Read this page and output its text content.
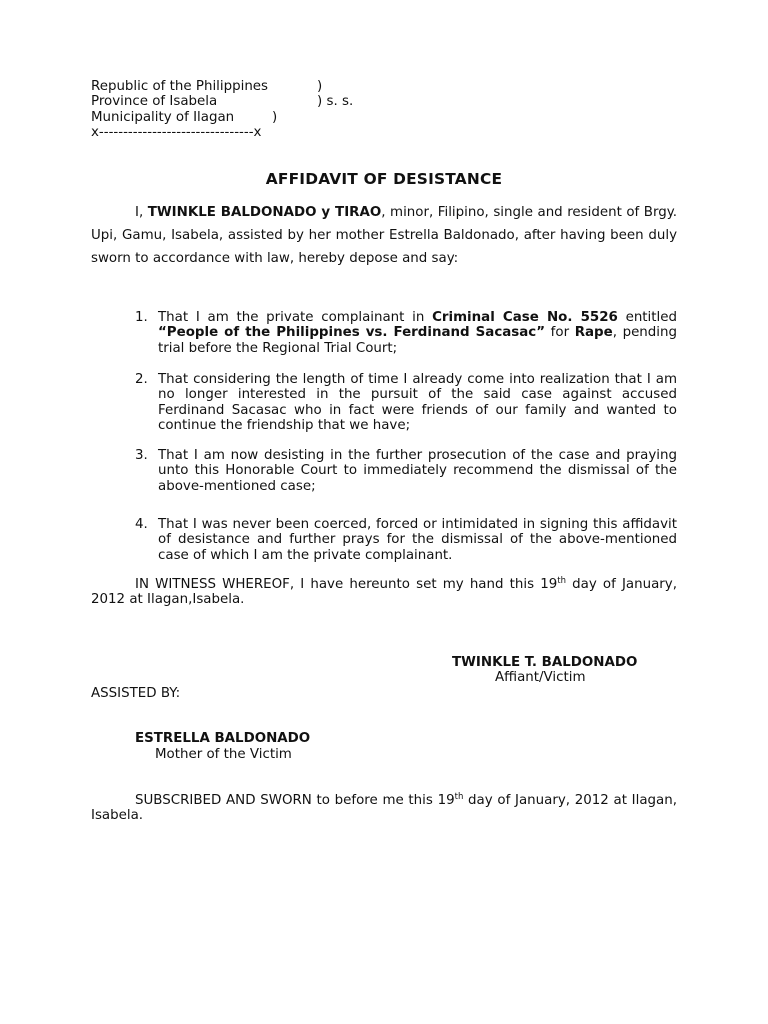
Republic of the Philippines	)
Province of Isabela	) s. s.
Municipality of Ilagan	)
x--------------------------------x
AFFIDAVIT OF DESISTANCE
I, TWINKLE BALDONADO y TIRAO, minor, Filipino, single and resident of Brgy. Upi, Gamu, Isabela, assisted by her mother Estrella Baldonado, after having been duly sworn to accordance with law, hereby depose and say:
1. That I am the private complainant in Criminal Case No. 5526 entitled “People of the Philippines vs. Ferdinand Sacasac” for Rape, pending trial before the Regional Trial Court;
2. That considering the length of time I already come into realization that I am no longer interested in the pursuit of the said case against accused Ferdinand Sacasac who in fact were friends of our family and wanted to continue the friendship that we have;
3. That I am now desisting in the further prosecution of the case and praying unto this Honorable Court to immediately recommend the dismissal of the above-mentioned case;
4. That I was never been coerced, forced or intimidated in signing this affidavit of desistance and further prays for the dismissal of the above-mentioned case of which I am the private complainant.
IN WITNESS WHEREOF, I have hereunto set my hand this 19th day of January, 2012 at Ilagan,Isabela.
TWINKLE T. BALDONADO
Affiant/Victim
ASSISTED BY:
ESTRELLA BALDONADO
Mother of the Victim
SUBSCRIBED AND SWORN to before me this 19th day of January, 2012 at Ilagan, Isabela.
